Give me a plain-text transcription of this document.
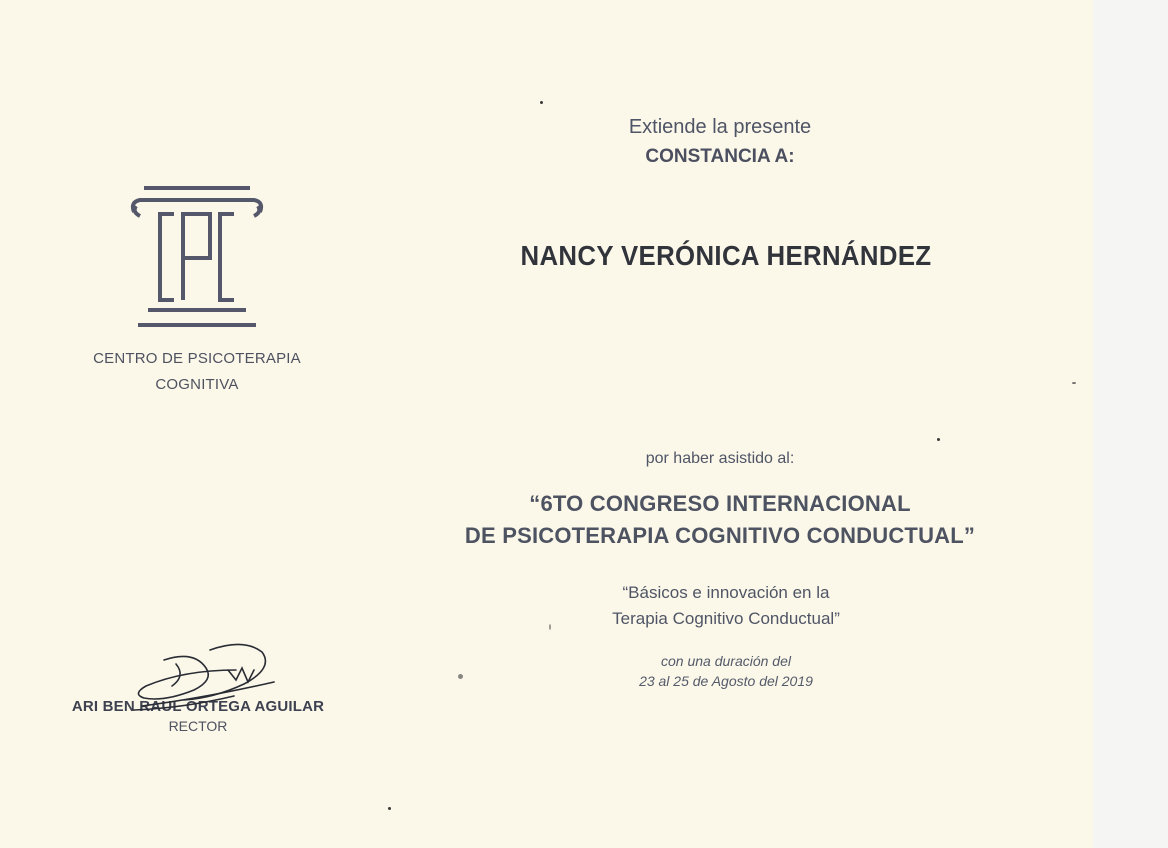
CENTRO DE PSICOTERAPIA
COGNITIVA
Extiende la presente
CONSTANCIA A:
NANCY VERÓNICA HERNÁNDEZ
por haber asistido al:
“6TO CONGRESO INTERNACIONAL
DE PSICOTERAPIA COGNITIVO CONDUCTUAL”
“Básicos e innovación en la
Terapia Cognitivo Conductual”
con una duración del
23 al 25 de Agosto del 2019
ARI BEN RAUL ORTEGA AGUILAR
RECTOR
